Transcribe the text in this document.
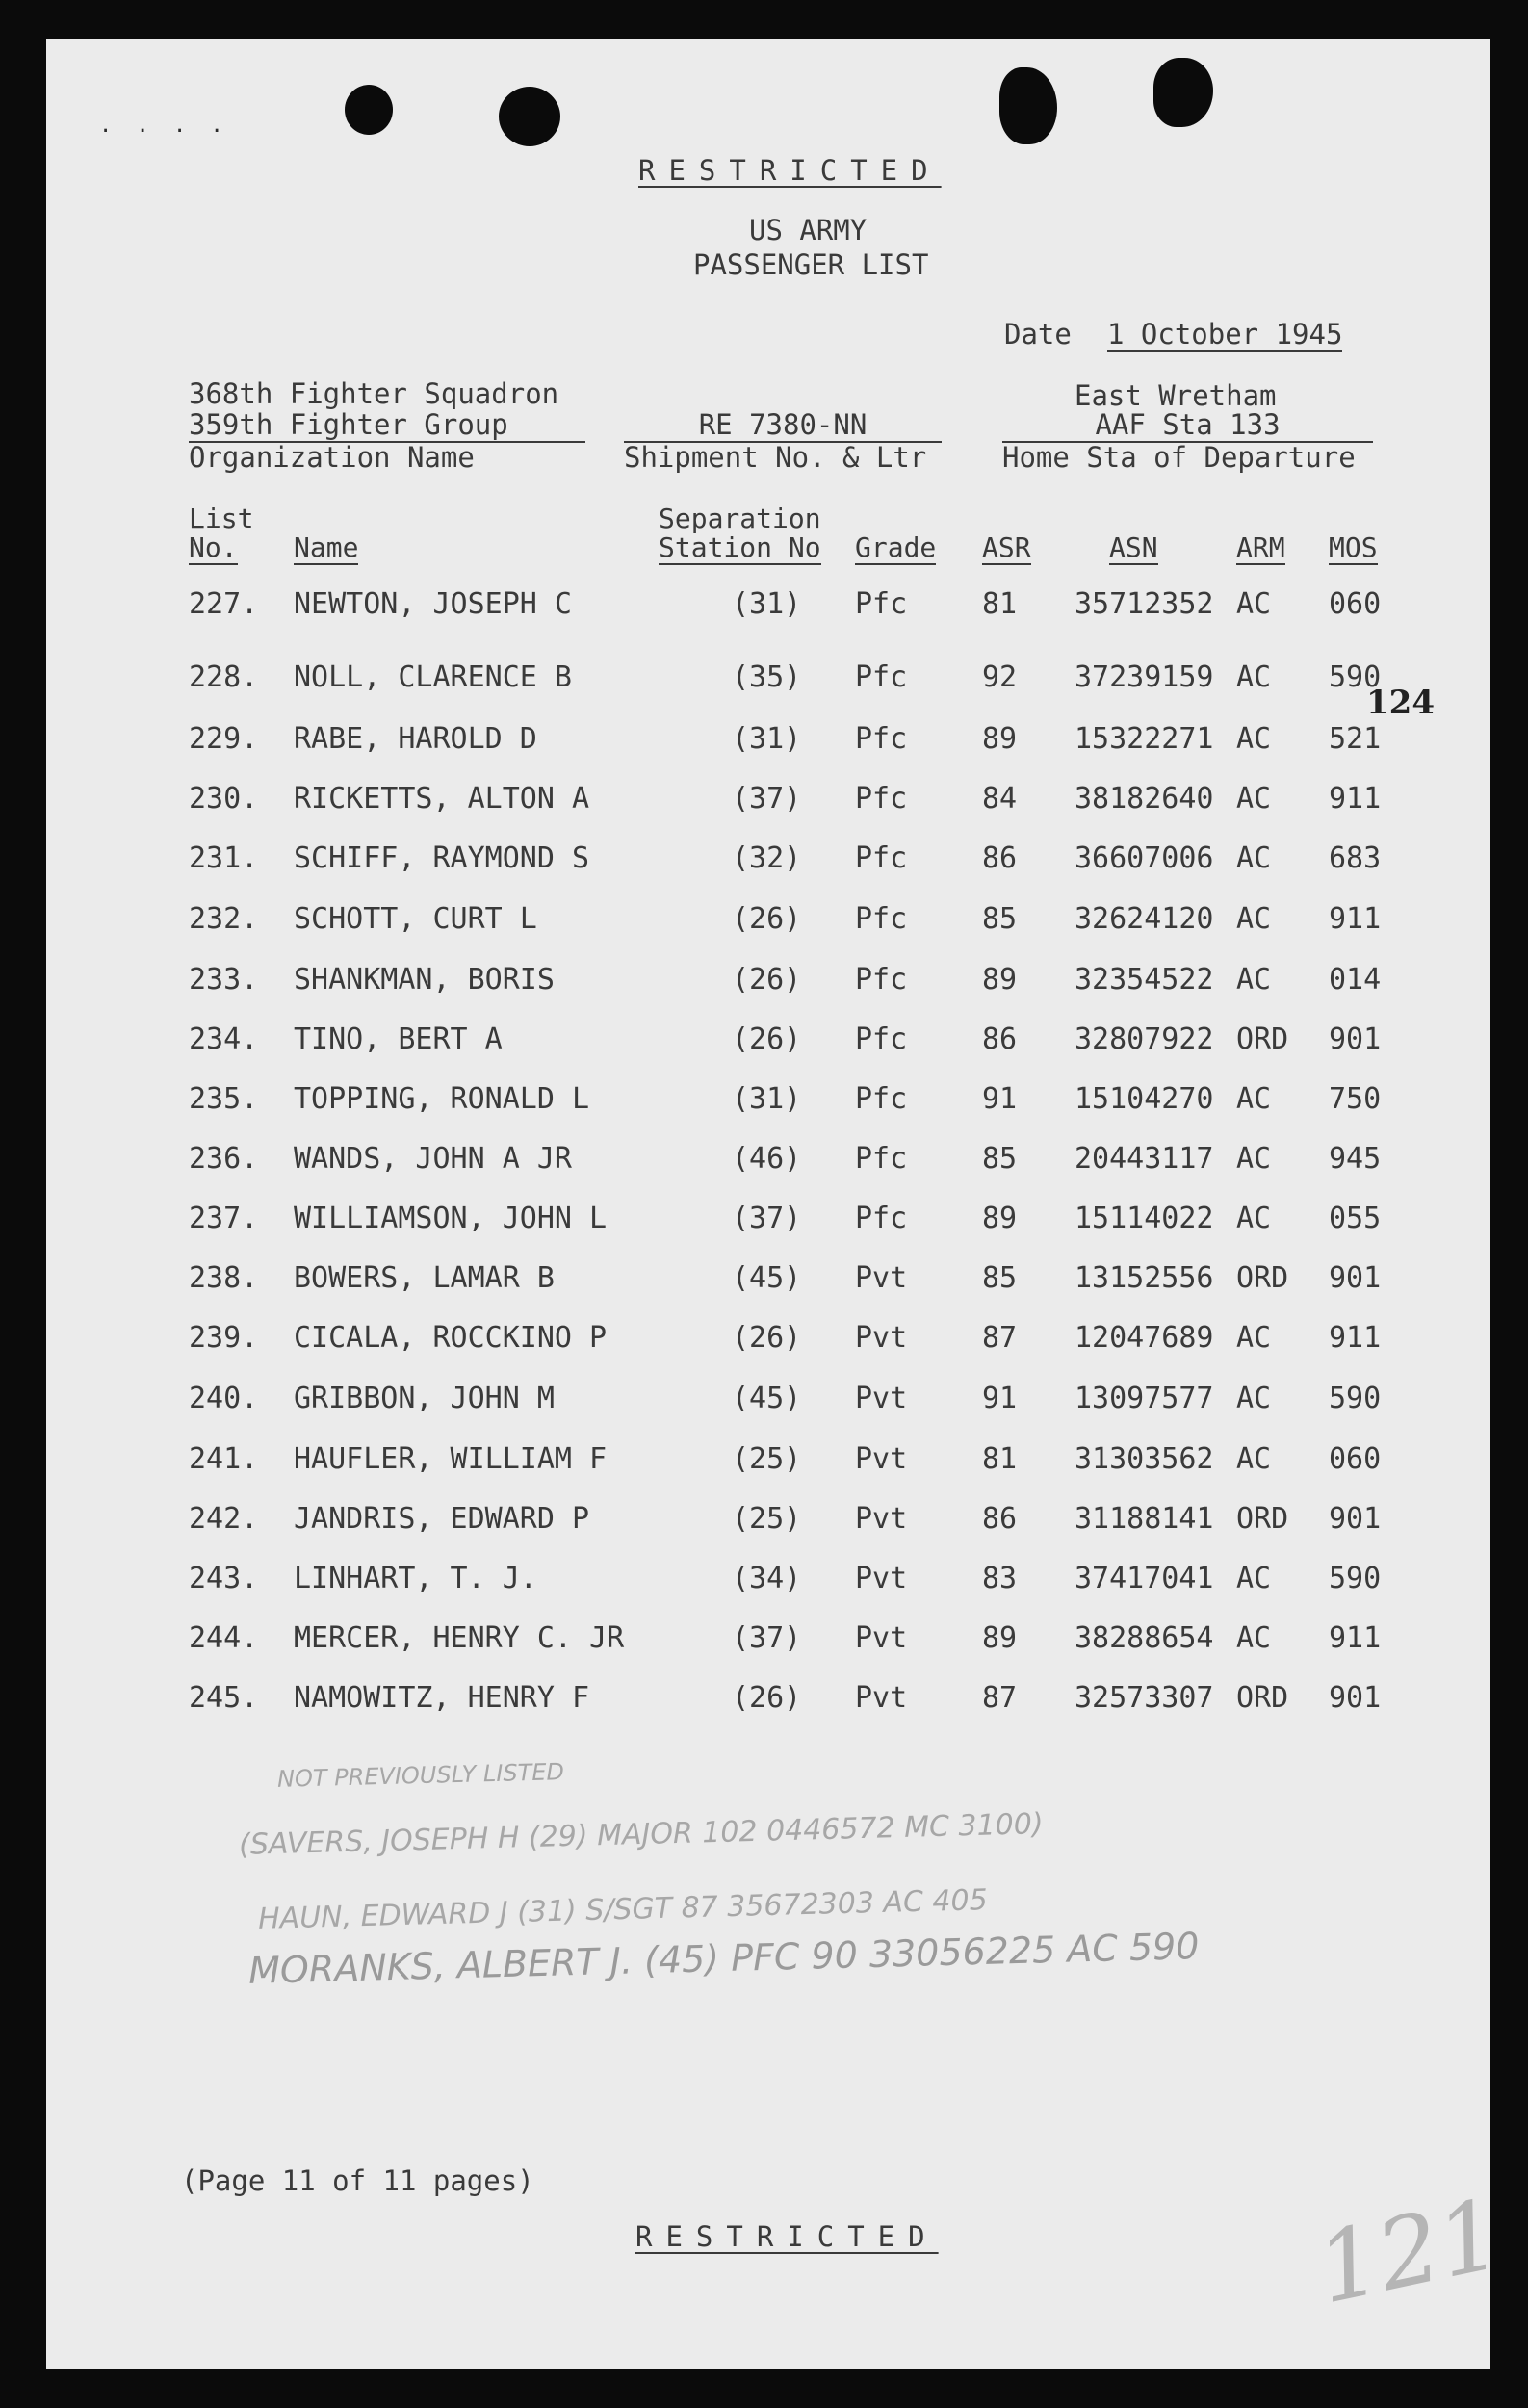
. . . .
RESTRICTED
US ARMY
PASSENGER LIST
Date 1 October 1945
368th Fighter Squadron
359th Fighter Group
Organization Name
RE 7380-NN
Shipment No. & Ltr
East Wretham
AAF Sta 133
Home Sta of Departure
List
No. Name
Separation
Station No Grade ASR	ASN	ARM MOS
227. NEWTON, JOSEPH C	(31) Pfc	81 35712352 AC 060
228. NOLL, CLARENCE B	(35) Pfc	92 37239159 AC 590
229. RABE, HAROLD D	(31) Pfc	89 15322271 AC 521
230. RICKETTS, ALTON A	(37) Pfc	84 38182640 AC 911
231. SCHIFF, RAYMOND S	(32) Pfc	86 36607006 AC 683
232. SCHOTT, CURT L	(26) Pfc	85 32624120 AC 911
233. SHANKMAN, BORIS	(26) Pfc	89 32354522 AC 014
234. TINO, BERT A	(26) Pfc	86 32807922 ORD 901
235. TOPPING, RONALD L	(31) Pfc	91 15104270 AC 750
236. WANDS, JOHN A JR	(46) Pfc	85 20443117 AC 945
237. WILLIAMSON, JOHN L	(37) Pfc	89 15114022 AC 055
238. BOWERS, LAMAR B	(45) Pvt	85 13152556 ORD 901
239. CICALA, ROCCKINO P	(26) Pvt	87 12047689 AC 911
240. GRIBBON, JOHN M	(45) Pvt	91 13097577 AC 590
241. HAUFLER, WILLIAM F	(25) Pvt	81 31303562 AC 060
242. JANDRIS, EDWARD P	(25) Pvt	86 31188141 ORD 901
243. LINHART, T. J.	(34) Pvt	83 37417041 AC 590
244. MERCER, HENRY C. JR	(37) Pvt	89 38288654 AC 911
245. NAMOWITZ, HENRY F	(26) Pvt	87 32573307 ORD 901
124
NOT PREVIOUSLY LISTED
(SAVERS, JOSEPH H (29) MAJOR 102 0446572 MC 3100)
HAUN, EDWARD J (31) S/SGT 87 35672303 AC 405
MORANKS, ALBERT J. (45) PFC 90 33056225 AC 590
(Page 11 of 11 pages)
RESTRICTED	121
